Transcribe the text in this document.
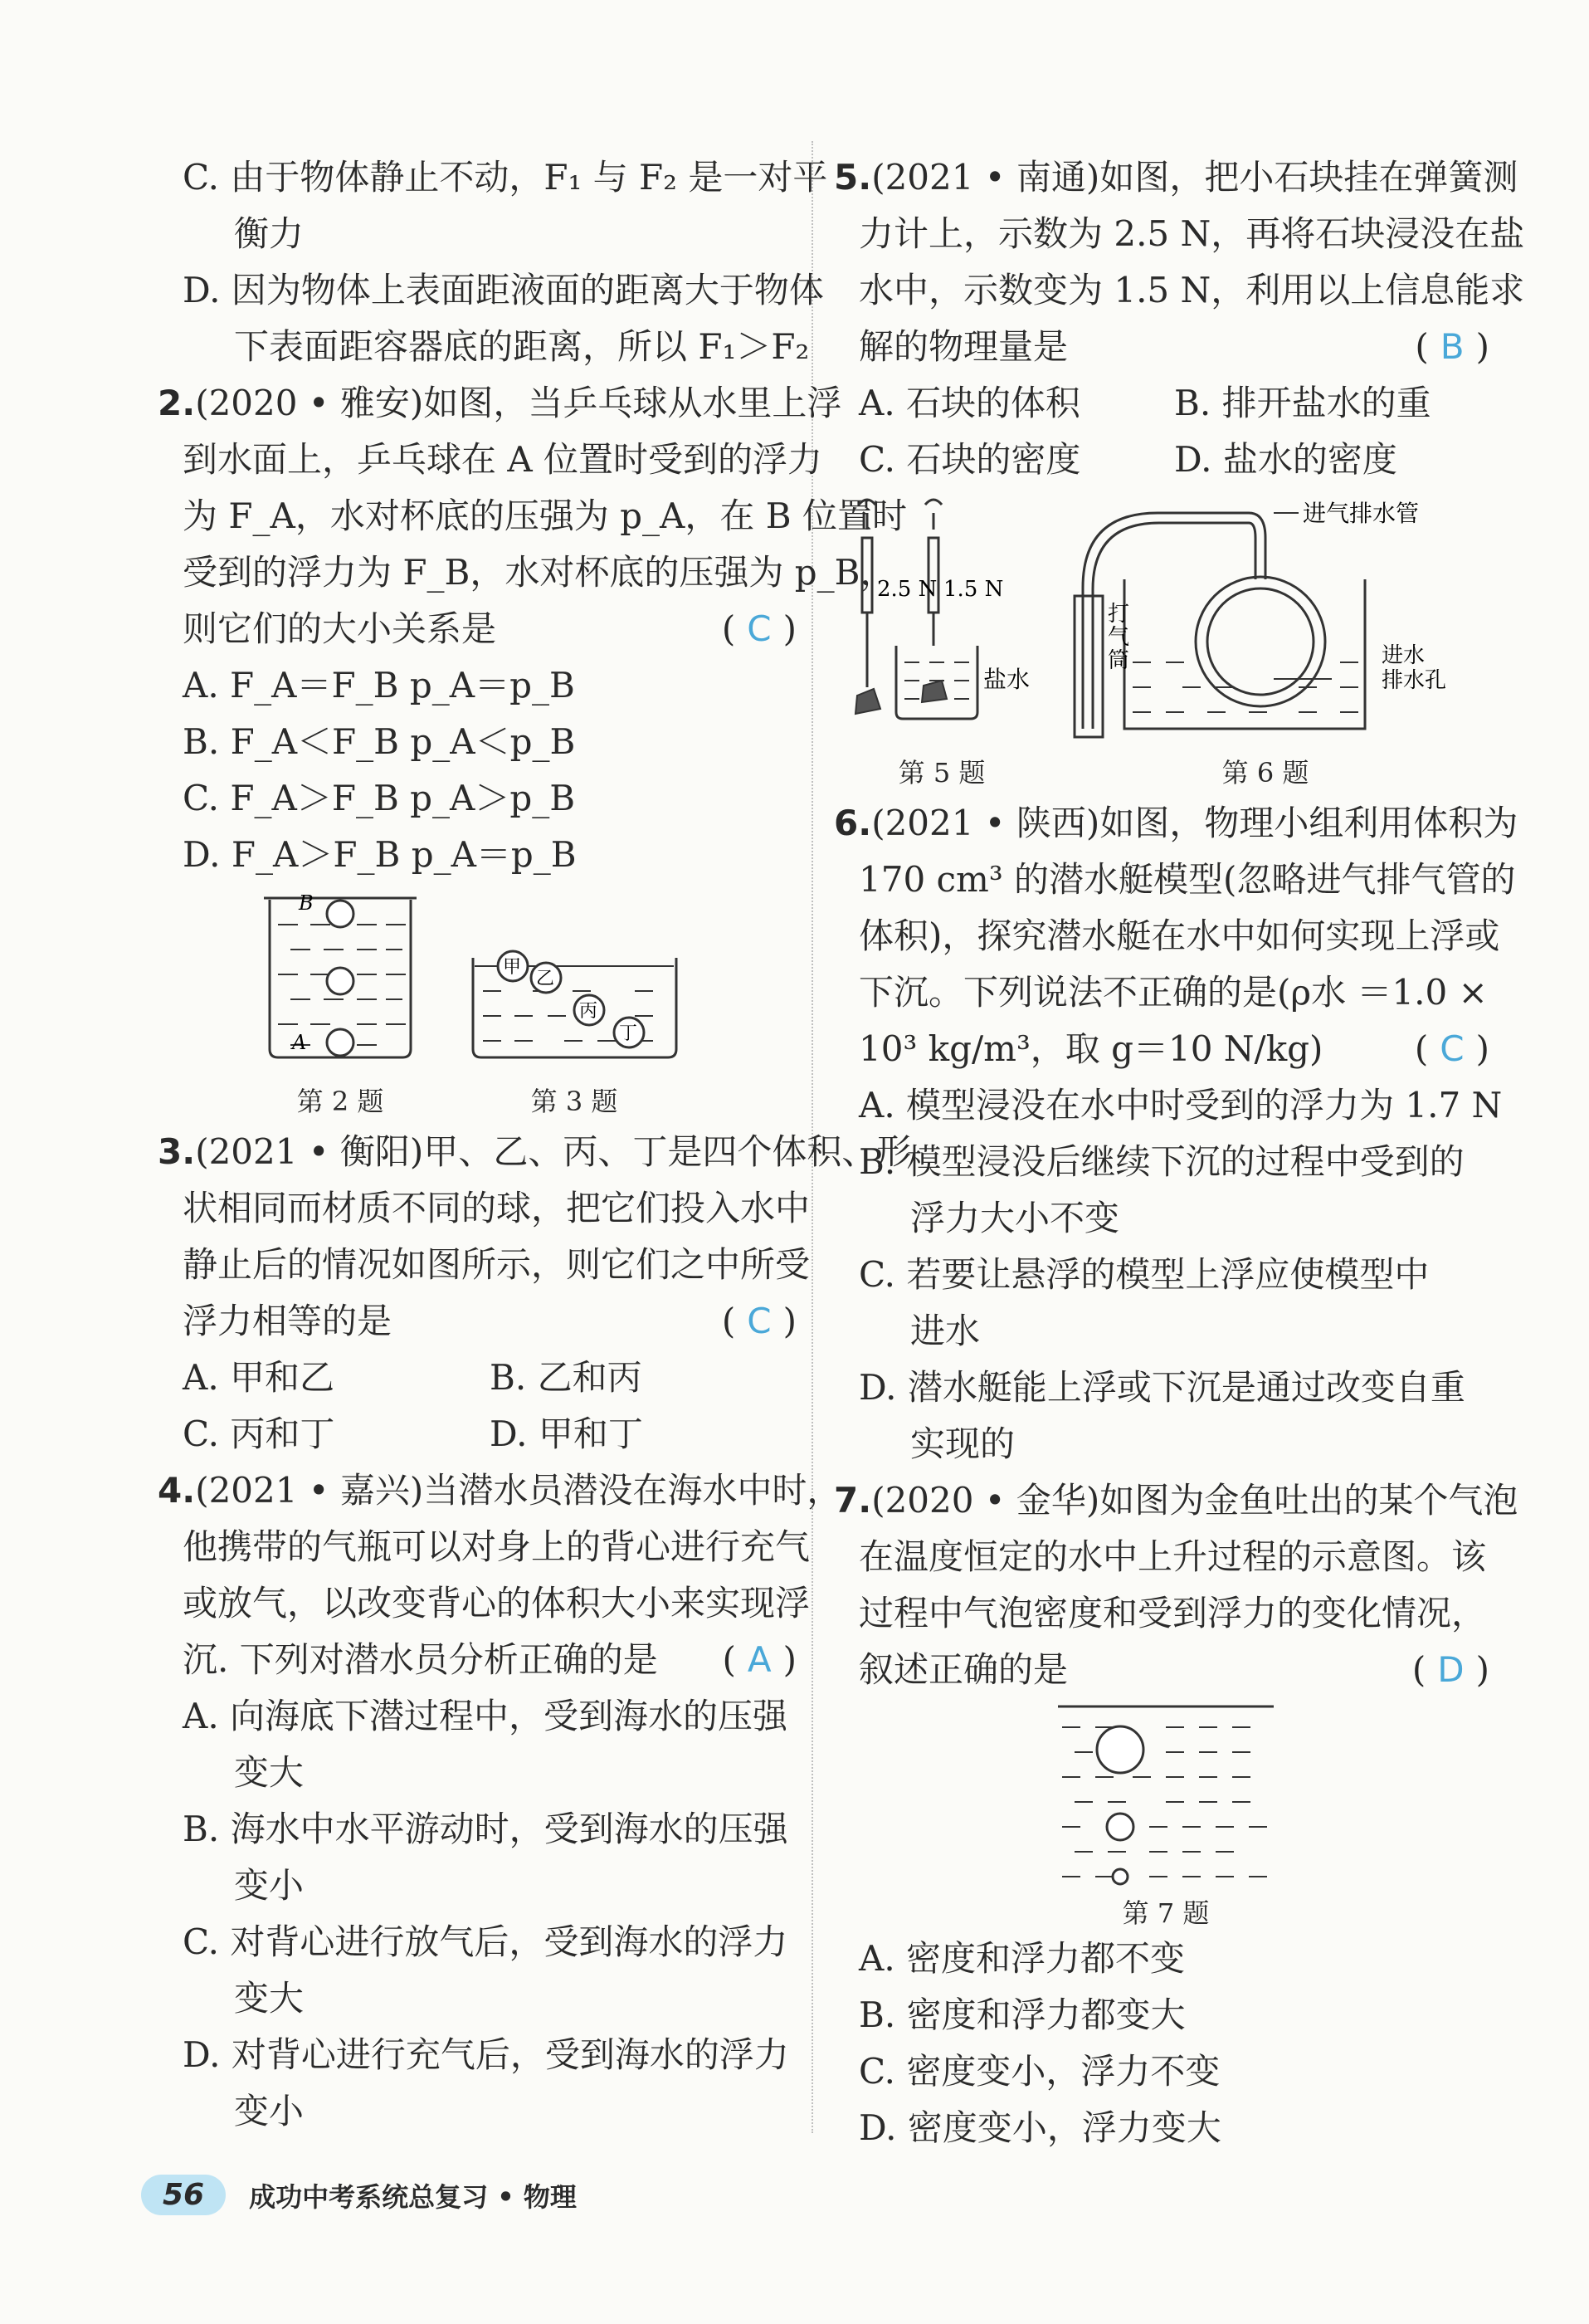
C. 由于物体静止不动，F₁ 与 F₂ 是一对平
衡力
D. 因为物体上表面距液面的距离大于物体
下表面距容器底的距离，所以 F₁＞F₂
2.(2020 • 雅安)如图，当乒乓球从水里上浮
到水面上，乒乓球在 A 位置时受到的浮力
为 F_A，水对杯底的压强为 p_A，在 B 位置时
受到的浮力为 F_B，水对杯底的压强为 p_B，
则它们的大小关系是	( C )
A. F_A＝F_B p_A＝p_B
B. F_A＜F_B p_A＜p_B
C. F_A＞F_B p_A＞p_B
D. F_A＞F_B p_A＝p_B
B
A
甲
乙
丙
丁
第 2 题	第 3 题
3.(2021 • 衡阳)甲、乙、丙、丁是四个体积、形
状相同而材质不同的球，把它们投入水中
静止后的情况如图所示，则它们之中所受
浮力相等的是	( C )
A. 甲和乙	B. 乙和丙
C. 丙和丁	D. 甲和丁
4.(2021 • 嘉兴)当潜水员潜没在海水中时，
他携带的气瓶可以对身上的背心进行充气
或放气，以改变背心的体积大小来实现浮
沉. 下列对潜水员分析正确的是 ( A )
A. 向海底下潜过程中，受到海水的压强
变大
B. 海水中水平游动时，受到海水的压强
变小
C. 对背心进行放气后，受到海水的浮力
变大
D. 对背心进行充气后，受到海水的浮力
变小
5.(2021 • 南通)如图，把小石块挂在弹簧测
力计上，示数为 2.5 N，再将石块浸没在盐
水中，示数变为 1.5 N，利用以上信息能求
解的物理量是	( B )
A. 石块的体积	B. 排开盐水的重
C. 石块的密度	D. 盐水的密度
2.5 N 1.5 N
盐水
进气排水管
打
气
筒	进水
排水孔
第 5 题	第 6 题
6.(2021 • 陕西)如图，物理小组利用体积为
170 cm³ 的潜水艇模型(忽略进气排气管的
体积)，探究潜水艇在水中如何实现上浮或
下沉。下列说法不正确的是(ρ水 ＝1.0 ×
10³ kg/m³，取 g＝10 N/kg)	( C )
A. 模型浸没在水中时受到的浮力为 1.7 N
B. 模型浸没后继续下沉的过程中受到的
浮力大小不变
C. 若要让悬浮的模型上浮应使模型中
进水
D. 潜水艇能上浮或下沉是通过改变自重
实现的
7.(2020 • 金华)如图为金鱼吐出的某个气泡
在温度恒定的水中上升过程的示意图。该
过程中气泡密度和受到浮力的变化情况，
叙述正确的是	( D )
第 7 题
A. 密度和浮力都不变
B. 密度和浮力都变大
C. 密度变小，浮力不变
D. 密度变小，浮力变大
56	成功中考系统总复习 • 物理
